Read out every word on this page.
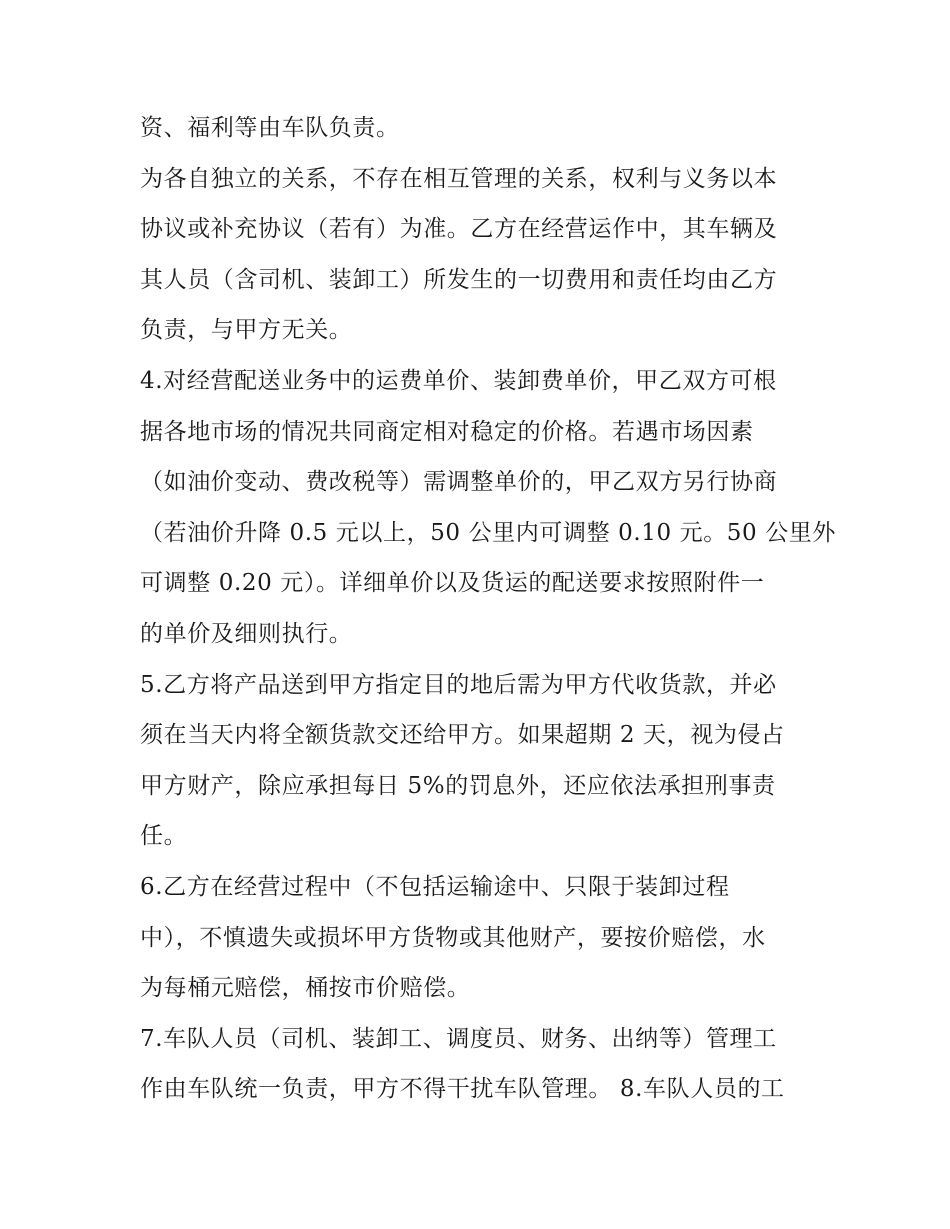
资、福利等由车队负责。
为各自独立的关系，不存在相互管理的关系，权利与义务以本
协议或补充协议（若有）为准。乙方在经营运作中，其车辆及
其人员（含司机、装卸工）所发生的一切费用和责任均由乙方
负责，与甲方无关。
4.对经营配送业务中的运费单价、装卸费单价，甲乙双方可根
据各地市场的情况共同商定相对稳定的价格。若遇市场因素
（如油价变动、费改税等）需调整单价的，甲乙双方另行协商
（若油价升降 0.5 元以上，50 公里内可调整 0.10 元。50 公里外
可调整 0.20 元）。详细单价以及货运的配送要求按照附件一
的单价及细则执行。
5.乙方将产品送到甲方指定目的地后需为甲方代收货款，并必
须在当天内将全额货款交还给甲方。如果超期 2 天，视为侵占
甲方财产，除应承担每日 5%的罚息外，还应依法承担刑事责
任。
6.乙方在经营过程中（不包括运输途中、只限于装卸过程
中），不慎遗失或损坏甲方货物或其他财产，要按价赔偿，水
为每桶元赔偿，桶按市价赔偿。
7.车队人员（司机、装卸工、调度员、财务、出纳等）管理工
作由车队统一负责，甲方不得干扰车队管理。 8.车队人员的工
